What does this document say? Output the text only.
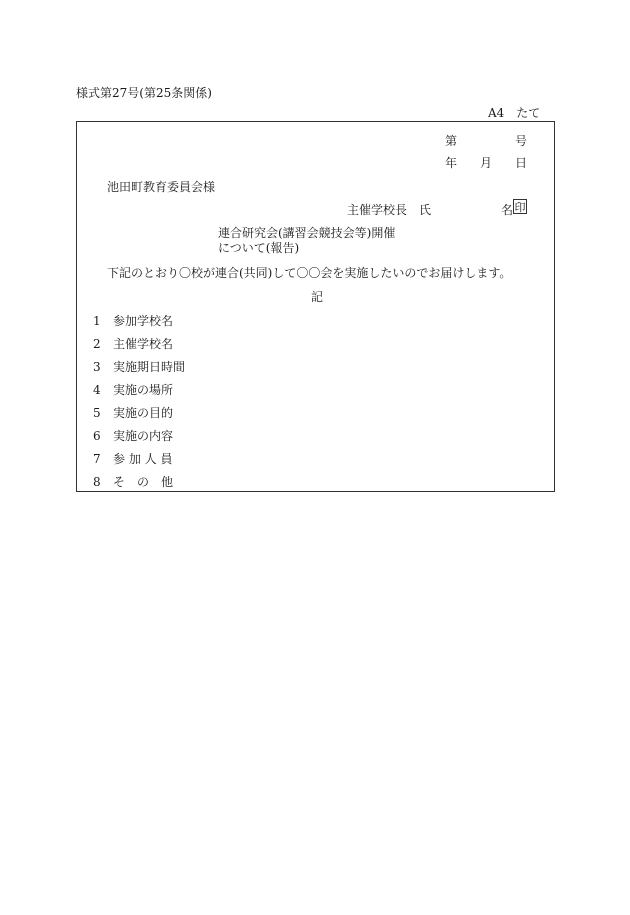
様式第27号(第25条関係)
A4　たて
第	号
年 月 日
池田町教育委員会様
主催学校長 氏	名 印
連合研究会(講習会競技会等)開催
について(報告)
下記のとおり〇校が連合(共同)して〇〇会を実施したいのでお届けします。
記
1 参加学校名
2 主催学校名
3 実施期日時間
4 実施の場所
5 実施の目的
6 実施の内容
7 参 加 人 員
8 そ　の　他
